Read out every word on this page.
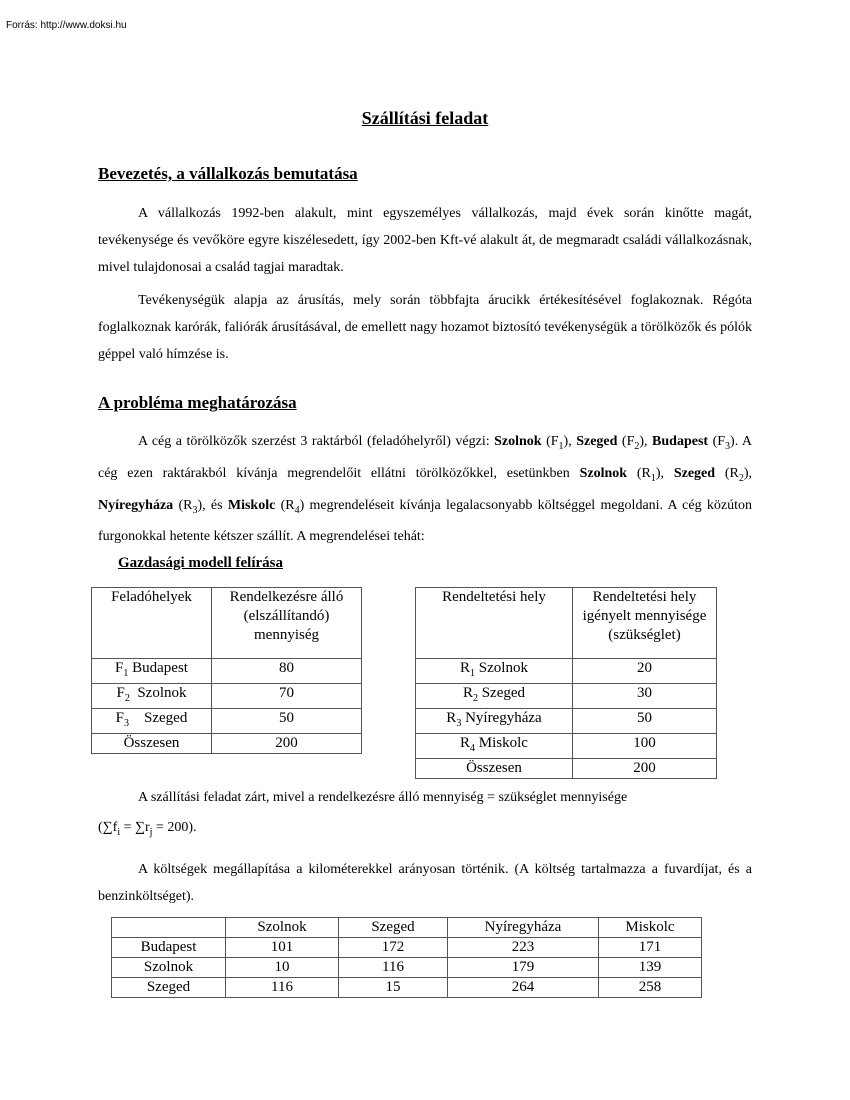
Forrás: http://www.doksi.hu
Szállítási feladat
Bevezetés, a vállalkozás bemutatása

A vállalkozás 1992-ben alakult, mint egyszemélyes vállalkozás, majd évek során kinőtte magát, tevékenysége és vevőköre egyre kiszélesedett, így 2002-ben Kft-vé alakult át, de megmaradt családi vállalkozásnak, mivel tulajdonosai a család tagjai maradtak.

Tevékenységük alapja az árusítás, mely során többfajta árucikk értékesítésével foglakoznak. Régóta foglalkoznak karórák, faliórák árusításával, de emellett nagy hozamot biztosító tevékenységük a törölközők és pólók géppel való hímzése is.

A probléma meghatározása

A cég a törölközők szerzést 3 raktárból (feladóhelyről) végzi: Szolnok $(F_1)$, Szeged $(F_2)$, Budapest $(F_3)$. A cég ezen raktárakból kívánja megrendelőit ellátni törölközőkkel, esetünkben Szolnok $(R_1)$, Szeged $(R_2)$, Nyíregyháza $(R_3)$, és Miskolc $(R_4)$ megrendeléseit kívánja legalacsonyabb költséggel megoldani. A cég közúton furgonokkal hetente kétszer szállít. A megrendelései tehát:

Gazdasági modell felírása
Feladóhelyek	Rendelkezésre álló (elszállítandó) mennyiség
$F_1$ Budapest	80
$F_2$  Szolnok	70
$F_3$    Szeged	50
Összesen	200
Rendeltetési hely	Rendeltetési hely igényelt mennyisége (szükséglet)
$R_1$ Szolnok	20
$R_2$ Szeged	30
$R_3$ Nyíregyháza	50
$R_4$ Miskolc	100
Összesen	200

A szállítási feladat zárt, mivel a rendelkezésre álló mennyiség = szükséglet mennyisége

$(\sum f_i = \sum r_j = 200)$.

A költségek megállapítása a kilométerekkel arányosan történik. (A költség tartalmazza a fuvardíjat, és a benzinköltséget).

	Szolnok	Szeged	Nyíregyháza	Miskolc
Budapest	101	172	223	171
Szolnok	10	116	179	139
Szeged	116	15	264	258
